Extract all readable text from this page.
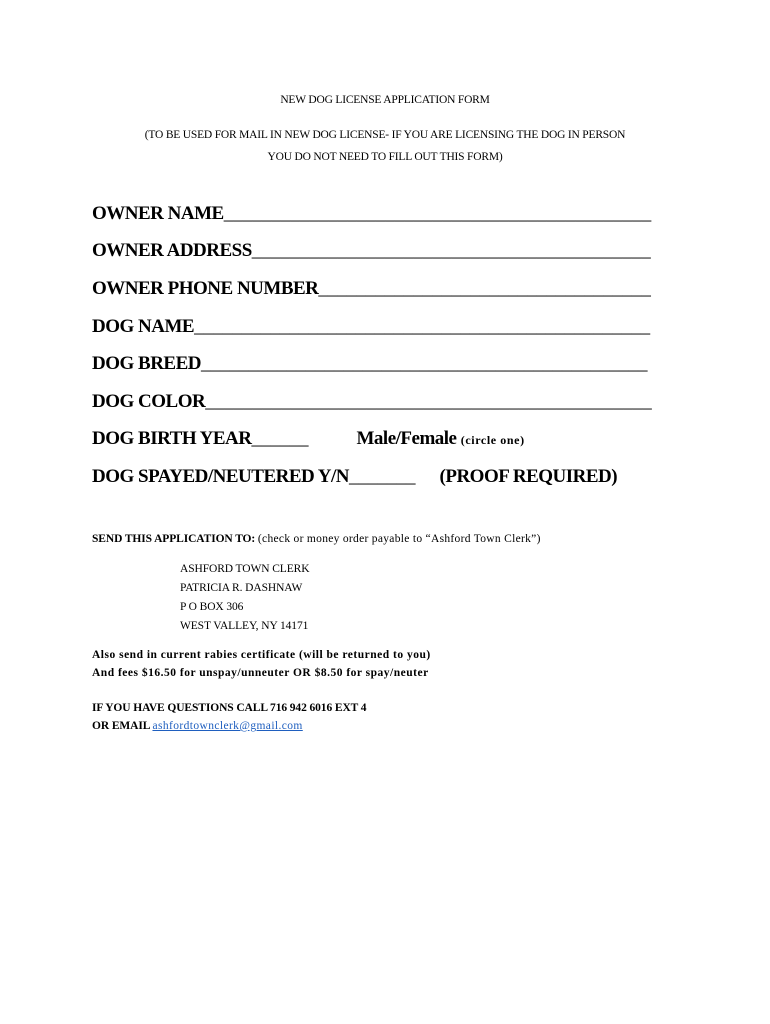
NEW DOG LICENSE APPLICATION FORM
(TO BE USED FOR MAIL IN NEW DOG LICENSE- IF YOU ARE LICENSING THE DOG IN PERSON
YOU DO NOT NEED TO FILL OUT THIS FORM)
OWNER NAME_____________________________________________
OWNER ADDRESS__________________________________________
OWNER PHONE NUMBER___________________________________
DOG NAME________________________________________________
DOG BREED_______________________________________________
DOG COLOR_______________________________________________
DOG BIRTH YEAR______	Male/Female (circle one)
DOG SPAYED/NEUTERED Y/N_______ (PROOF REQUIRED)
SEND THIS APPLICATION TO: (check or money order payable to “Ashford Town Clerk”)
ASHFORD TOWN CLERK
PATRICIA R. DASHNAW
P O BOX 306
WEST VALLEY, NY 14171
Also send in current rabies certificate (will be returned to you)
And fees $16.50 for unspay/unneuter OR $8.50 for spay/neuter
IF YOU HAVE QUESTIONS CALL 716 942 6016 EXT 4
OR EMAIL ashfordtownclerk@gmail.com
